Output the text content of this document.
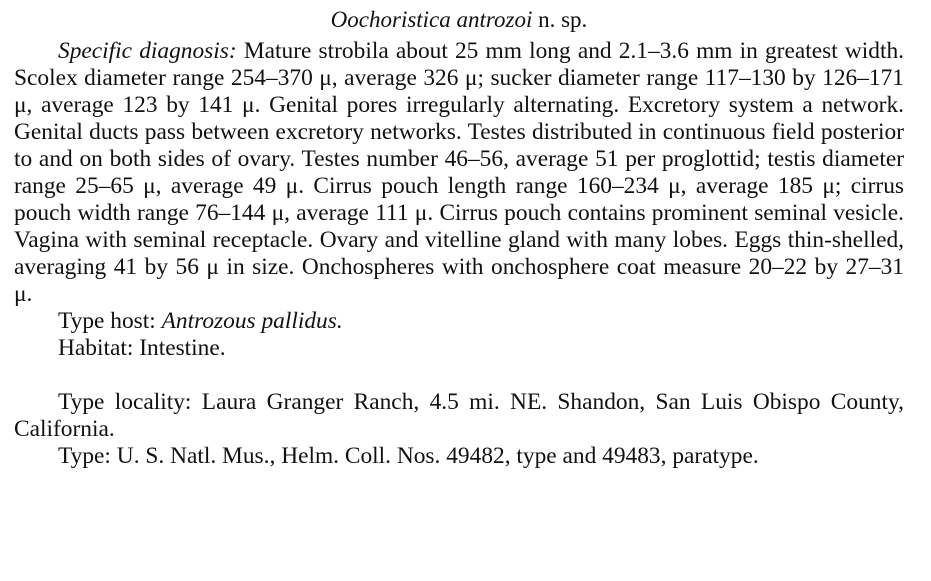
Oochoristica antrozoi n. sp.

Specific diagnosis: Mature strobila about 25 mm long and 2.1–3.6 mm in greatest width. Scolex diameter range 254–370 μ, average 326 μ; sucker diameter range 117–130 by 126–171 μ, average 123 by 141 μ. Genital pores irregularly alternating. Excretory system a network. Genital ducts pass between excretory networks. Testes distributed in continuous field posterior to and on both sides of ovary. Testes number 46–56, average 51 per proglottid; testis diameter range 25–65 μ, average 49 μ. Cirrus pouch length range 160–234 μ, average 185 μ; cirrus pouch width range 76–144 μ, average 111 μ. Cirrus pouch contains prominent seminal vesicle. Vagina with seminal receptacle. Ovary and vitelline gland with many lobes. Eggs thin-shelled, averaging 41 by 56 μ in size. Onchospheres with onchosphere coat measure 20–22 by 27–31 μ.

Type host: Antrozous pallidus.

Habitat: Intestine.

Type locality: Laura Granger Ranch, 4.5 mi. NE. Shandon, San Luis Obispo County, California.

Type: U. S. Natl. Mus., Helm. Coll. Nos. 49482, type and 49483, paratype.
